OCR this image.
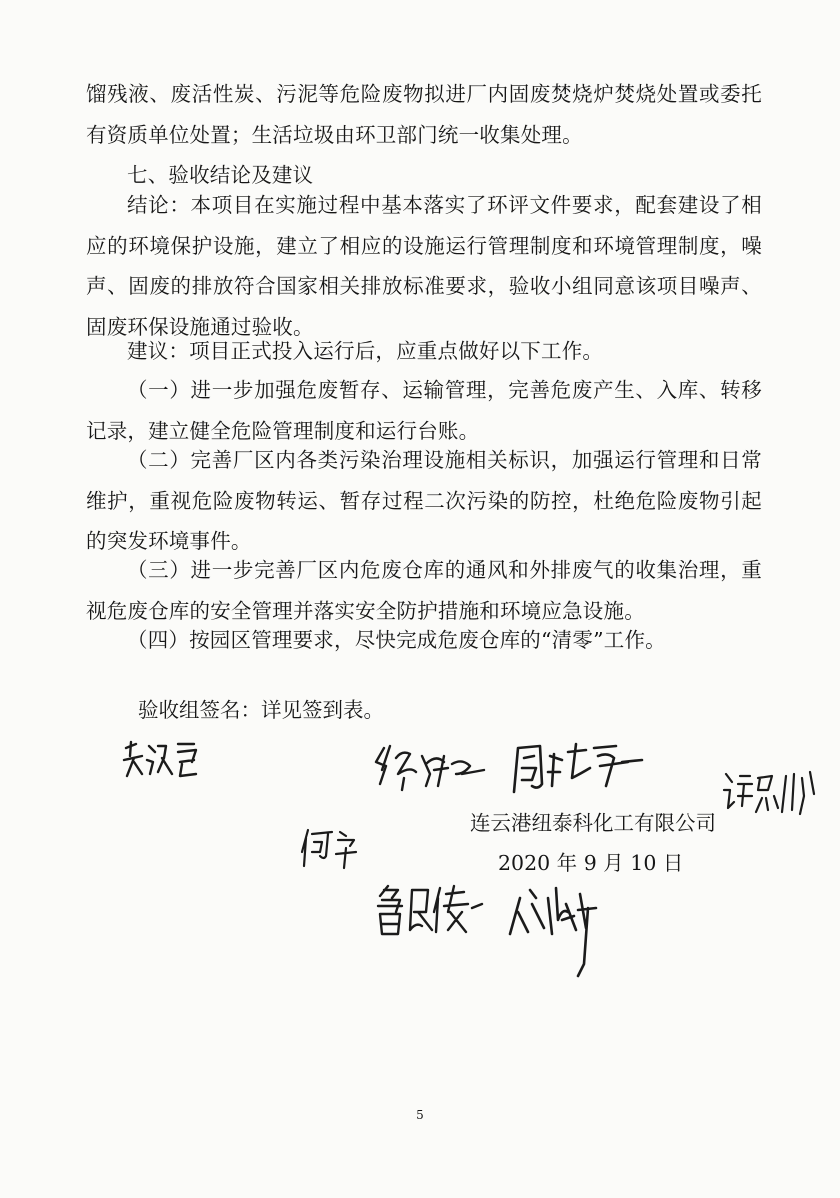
馏残液、废活性炭、污泥等危险废物拟进厂内固废焚烧炉焚烧处置或委托有资质单位处置；生活垃圾由环卫部门统一收集处理。

七、验收结论及建议

结论：本项目在实施过程中基本落实了环评文件要求，配套建设了相应的环境保护设施，建立了相应的设施运行管理制度和环境管理制度，噪声、固废的排放符合国家相关排放标准要求，验收小组同意该项目噪声、固废环保设施通过验收。

建议：项目正式投入运行后，应重点做好以下工作。

（一）进一步加强危废暂存、运输管理，完善危废产生、入库、转移记录，建立健全危险管理制度和运行台账。

（二）完善厂区内各类污染治理设施相关标识，加强运行管理和日常维护，重视危险废物转运、暂存过程二次污染的防控，杜绝危险废物引起的突发环境事件。

（三）进一步完善厂区内危废仓库的通风和外排废气的收集治理，重视危废仓库的安全管理并落实安全防护措施和环境应急设施。

（四）按园区管理要求，尽快完成危废仓库的“清零”工作。

验收组签名：详见签到表。
连云港纽泰科化工有限公司
2020 年 9 月 10 日
5
